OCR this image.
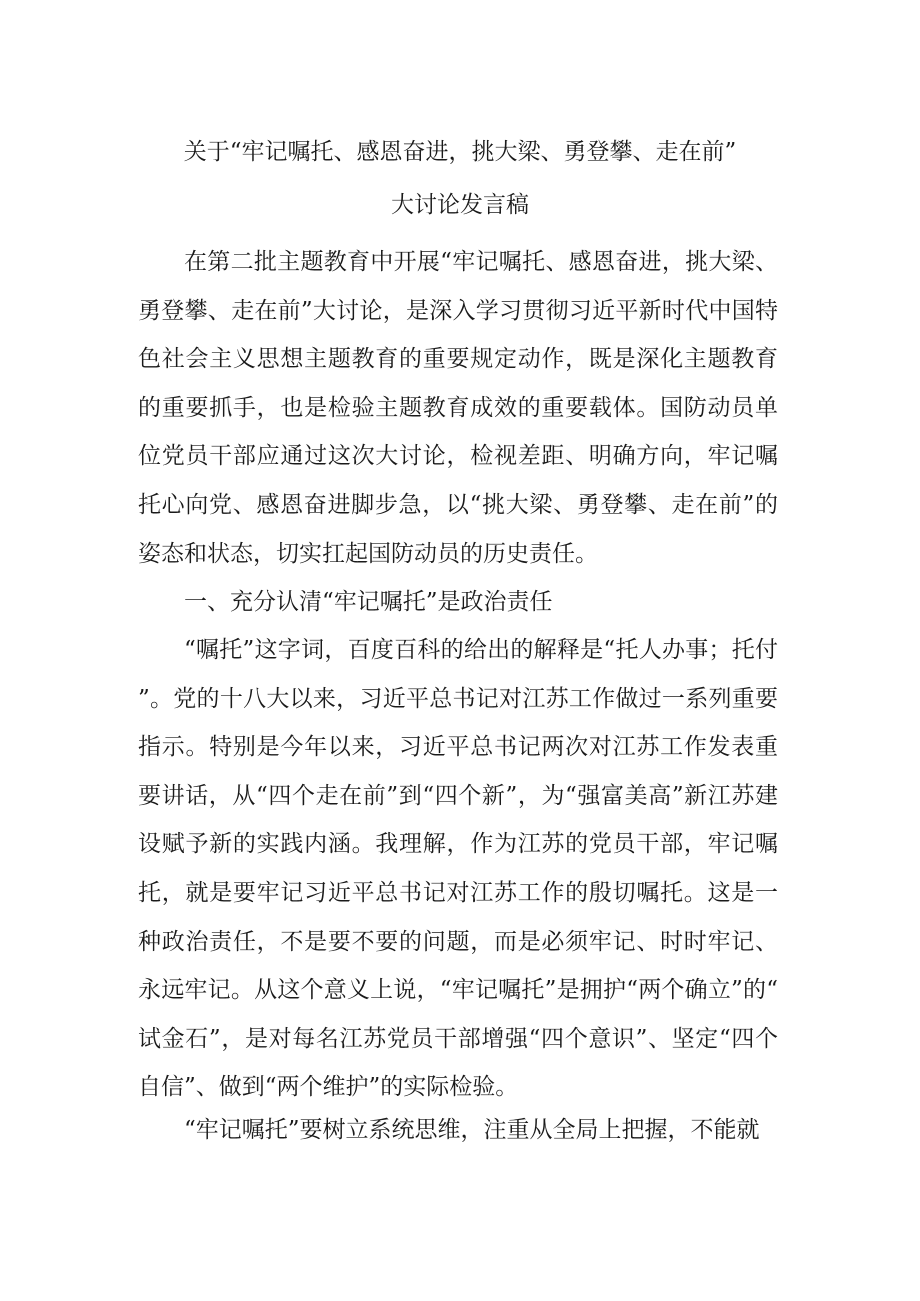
关于“牢记嘱托、感恩奋进，挑大梁、勇登攀、走在前”
大讨论发言稿

在第二批主题教育中开展“牢记嘱托、感恩奋进，挑大梁、勇登攀、走在前”大讨论，是深入学习贯彻习近平新时代中国特色社会主义思想主题教育的重要规定动作，既是深化主题教育的重要抓手，也是检验主题教育成效的重要载体。国防动员单位党员干部应通过这次大讨论，检视差距、明确方向，牢记嘱托心向党、感恩奋进脚步急，以“挑大梁、勇登攀、走在前”的姿态和状态，切实扛起国防动员的历史责任。

一、充分认清“牢记嘱托”是政治责任

“嘱托”这字词，百度百科的给出的解释是“托人办事；托付”。党的十八大以来，习近平总书记对江苏工作做过一系列重要指示。特别是今年以来，习近平总书记两次对江苏工作发表重要讲话，从“四个走在前”到“四个新”，为“强富美高”新江苏建设赋予新的实践内涵。我理解，作为江苏的党员干部，牢记嘱托，就是要牢记习近平总书记对江苏工作的殷切嘱托。这是一种政治责任，不是要不要的问题，而是必须牢记、时时牢记、永远牢记。从这个意义上说，“牢记嘱托”是拥护“两个确立”的“试金石”，是对每名江苏党员干部增强“四个意识”、坚定“四个自信”、做到“两个维护”的实际检验。

“牢记嘱托”要树立系统思维，注重从全局上把握，不能就
